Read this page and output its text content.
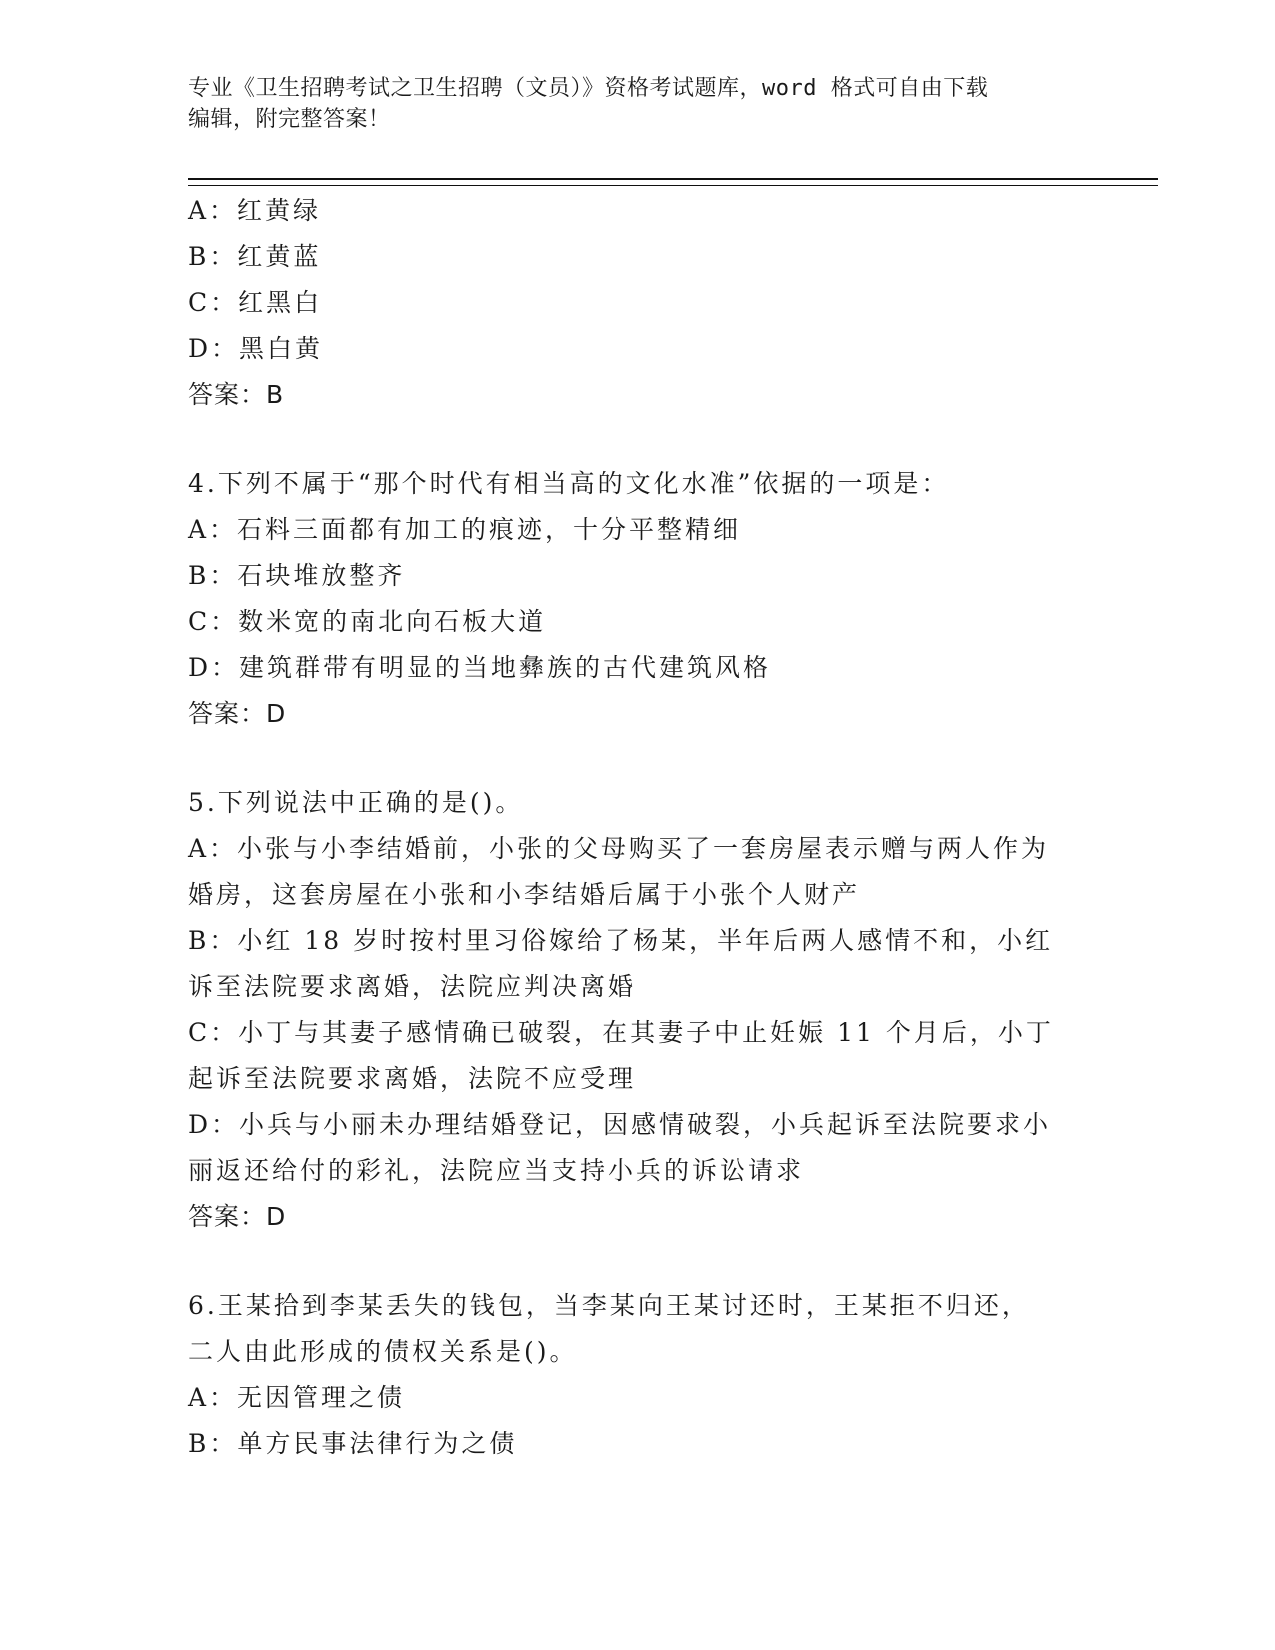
专业《卫生招聘考试之卫生招聘（文员）》资格考试题库，word 格式可自由下载
编辑，附完整答案！
A：红黄绿
B：红黄蓝
C：红黑白
D：黑白黄
答案：B
4.下列不属于“那个时代有相当高的文化水准”依据的一项是：
A：石料三面都有加工的痕迹，十分平整精细
B：石块堆放整齐
C：数米宽的南北向石板大道
D：建筑群带有明显的当地彝族的古代建筑风格
答案：D
5.下列说法中正确的是()。
A：小张与小李结婚前，小张的父母购买了一套房屋表示赠与两人作为
婚房，这套房屋在小张和小李结婚后属于小张个人财产
B：小红 18 岁时按村里习俗嫁给了杨某，半年后两人感情不和，小红
诉至法院要求离婚，法院应判决离婚
C：小丁与其妻子感情确已破裂，在其妻子中止妊娠 11 个月后，小丁
起诉至法院要求离婚，法院不应受理
D：小兵与小丽未办理结婚登记，因感情破裂，小兵起诉至法院要求小
丽返还给付的彩礼，法院应当支持小兵的诉讼请求
答案：D
6.王某拾到李某丢失的钱包，当李某向王某讨还时，王某拒不归还，
二人由此形成的债权关系是()。
A：无因管理之债
B：单方民事法律行为之债
